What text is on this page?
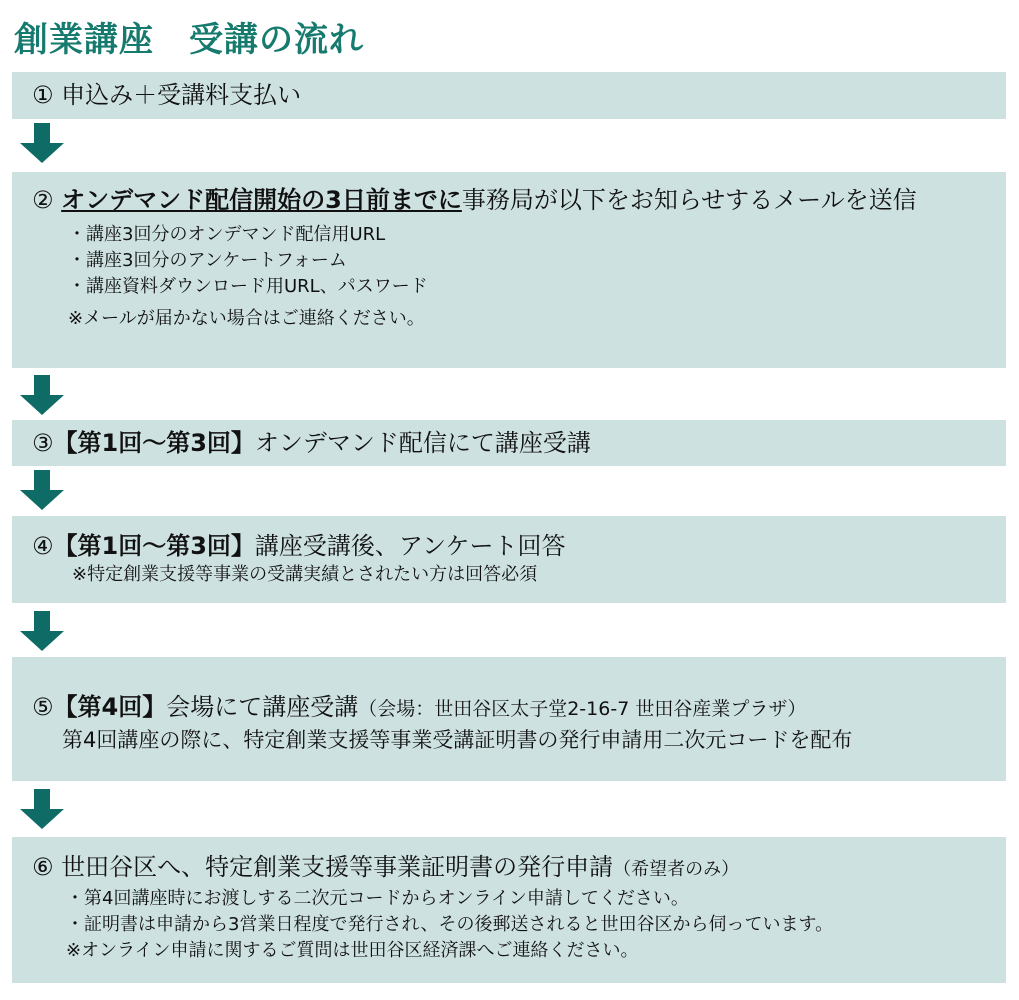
創業講座　受講の流れ
① 申込み＋受講料支払い
② オンデマンド配信開始の3日前までに事務局が以下をお知らせするメールを送信
・講座3回分のオンデマンド配信用URL
・講座3回分のアンケートフォーム
・講座資料ダウンロード用URL、パスワード
※メールが届かない場合はご連絡ください。
③【第1回～第3回】オンデマンド配信にて講座受講
④【第1回～第3回】講座受講後、アンケート回答
※特定創業支援等事業の受講実績とされたい方は回答必須
⑤【第4回】会場にて講座受講（会場：世田谷区太子堂2-16-7 世田谷産業プラザ）
第4回講座の際に、特定創業支援等事業受講証明書の発行申請用二次元コードを配布
⑥ 世田谷区へ、特定創業支援等事業証明書の発行申請（希望者のみ）
・第4回講座時にお渡しする二次元コードからオンライン申請してください。
・証明書は申請から3営業日程度で発行され、その後郵送されると世田谷区から伺っています。
※オンライン申請に関するご質問は世田谷区経済課へご連絡ください。
